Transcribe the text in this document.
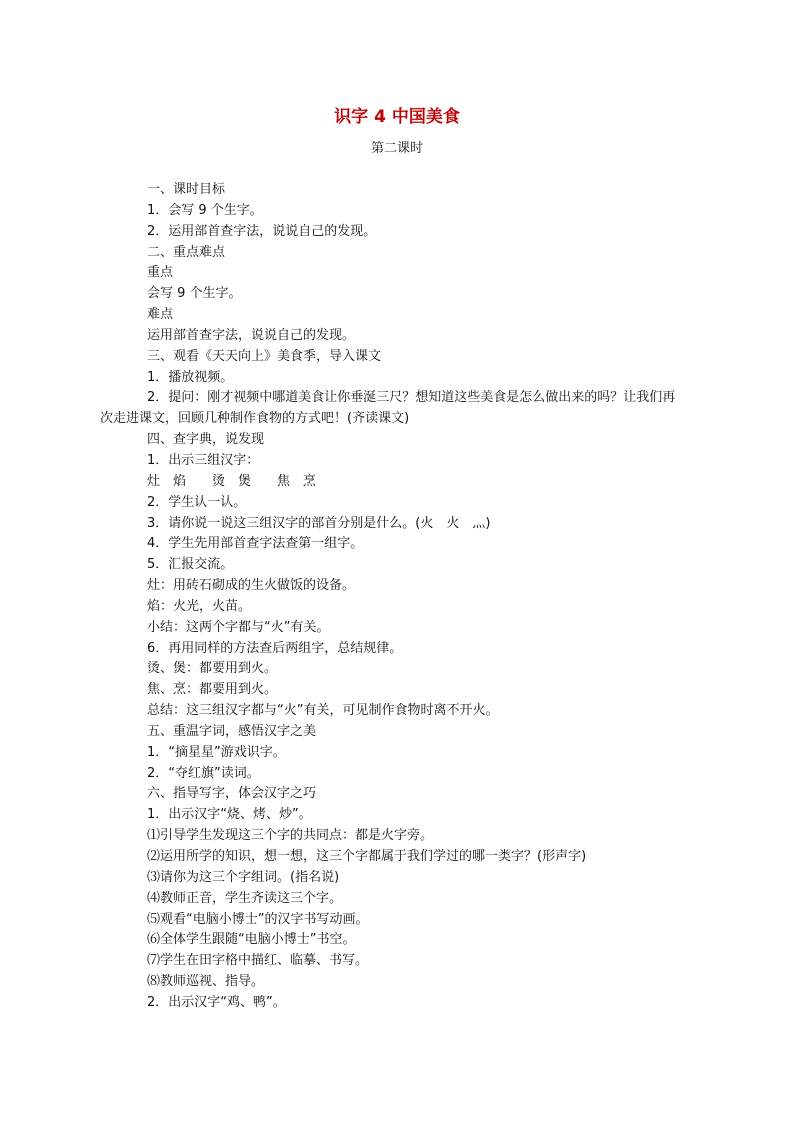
识字 4 中国美食
第二课时
一、课时目标
1．会写 9 个生字。
2．运用部首查字法，说说自己的发现。
二、重点难点
重点
会写 9 个生字。
难点
运用部首查字法，说说自己的发现。
三、观看《天天向上》美食季，导入课文
1．播放视频。
2．提问：刚才视频中哪道美食让你垂涎三尺？想知道这些美食是怎么做出来的吗？让我们再次走进课文，回顾几种制作食物的方式吧！(齐读课文)
四、查字典，说发现
1．出示三组汉字：
灶　焰　　烫　煲　　焦　烹
2．学生认一认。
3．请你说一说这三组汉字的部首分别是什么。(火　火　灬)
4．学生先用部首查字法查第一组字。
5．汇报交流。
灶：用砖石砌成的生火做饭的设备。
焰：火光，火苗。
小结：这两个字都与“火”有关。
6．再用同样的方法查后两组字，总结规律。
烫、煲：都要用到火。
焦、烹：都要用到火。
总结：这三组汉字都与“火”有关，可见制作食物时离不开火。
五、重温字词，感悟汉字之美
1．“摘星星”游戏识字。
2．“夺红旗”读词。
六、指导写字，体会汉字之巧
1．出示汉字“烧、烤、炒”。
⑴引导学生发现这三个字的共同点：都是火字旁。
⑵运用所学的知识，想一想，这三个字都属于我们学过的哪一类字？(形声字)
⑶请你为这三个字组词。(指名说)
⑷教师正音，学生齐读这三个字。
⑸观看“电脑小博士”的汉字书写动画。
⑹全体学生跟随“电脑小博士”书空。
⑺学生在田字格中描红、临摹、书写。
⑻教师巡视、指导。
2．出示汉字“鸡、鸭”。
